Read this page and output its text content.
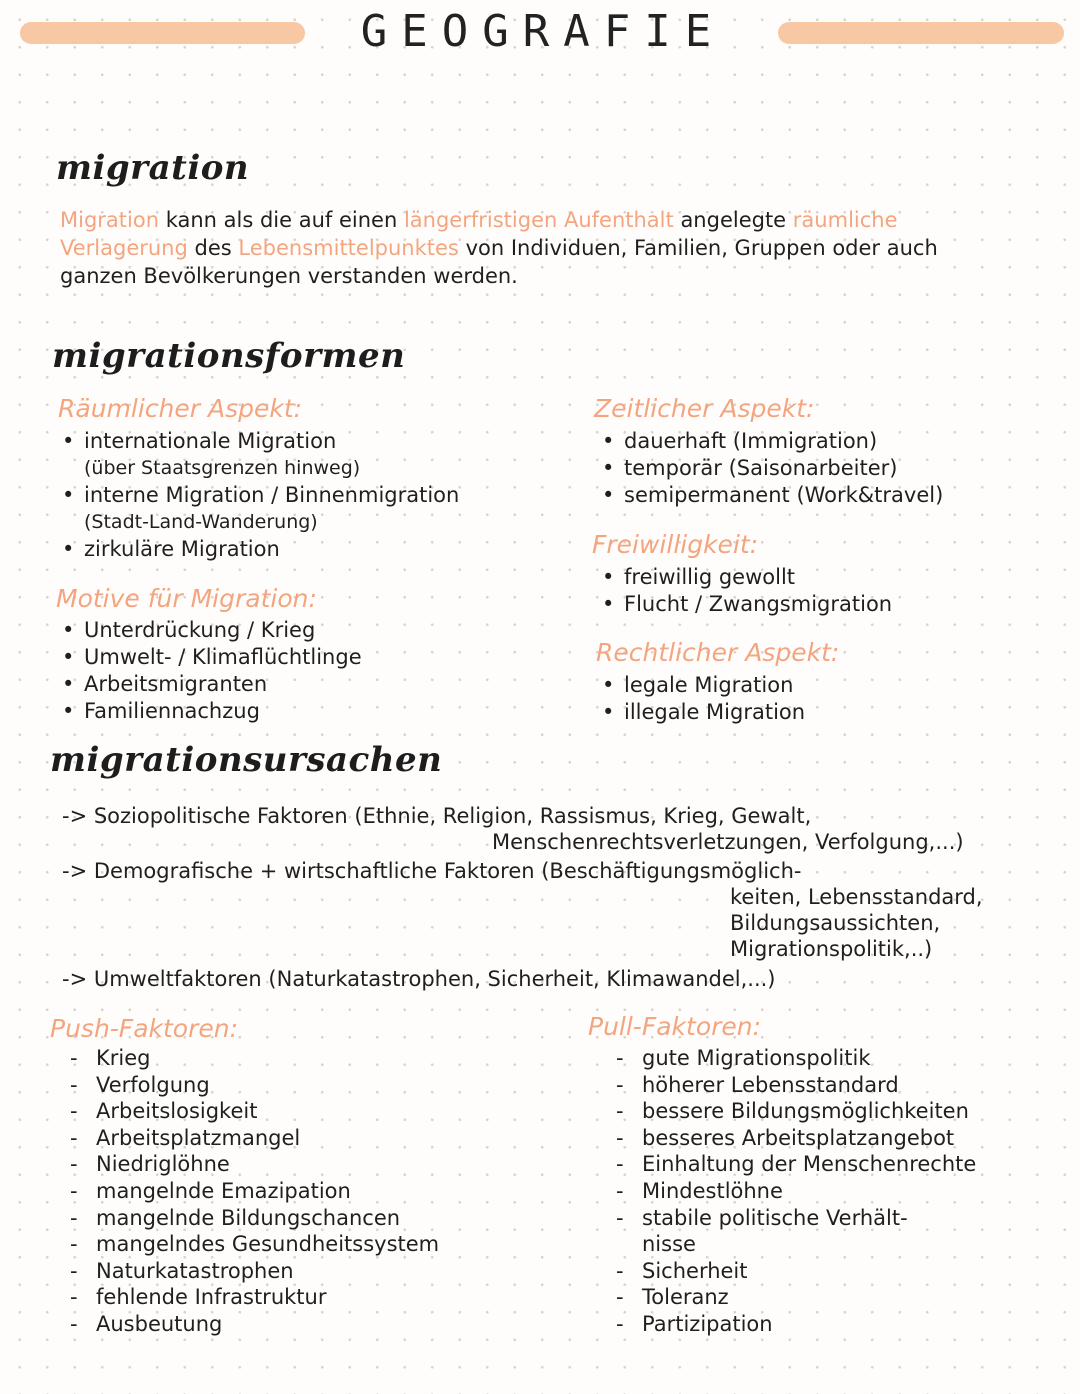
GEOGRAFIE
migration
Migration kann als die auf einen längerfristigen Aufenthalt angelegte räumliche Verlagerung des Lebensmittelpunktes von Individuen, Familien, Gruppen oder auch ganzen Bevölkerungen verstanden werden.
migrationsformen
Räumlicher Aspekt:
• internationale Migration
(über Staatsgrenzen hinweg)
• interne Migration / Binnenmigration
(Stadt-Land-Wanderung)
• zirkuläre Migration
Motive für Migration:
• Unterdrückung / Krieg
• Umwelt- / Klimaflüchtlinge
• Arbeitsmigranten
• Familiennachzug
Zeitlicher Aspekt:
• dauerhaft (Immigration)
• temporär (Saisonarbeiter)
• semipermanent (Work&travel)
Freiwilligkeit:
• freiwillig gewollt
• Flucht / Zwangsmigration
Rechtlicher Aspekt:
• legale Migration
• illegale Migration
migrationsursachen
-> Soziopolitische Faktoren (Ethnie, Religion, Rassismus, Krieg, Gewalt,
Menschenrechtsverletzungen, Verfolgung,...)
-> Demografische + wirtschaftliche Faktoren (Beschäftigungsmöglich-
keiten, Lebensstandard,
Bildungsaussichten,
Migrationspolitik,..)
-> Umweltfaktoren (Naturkatastrophen, Sicherheit, Klimawandel,...)
Push-Faktoren:
- Krieg
- Verfolgung
- Arbeitslosigkeit
- Arbeitsplatzmangel
- Niedriglöhne
- mangelnde Emazipation
- mangelnde Bildungschancen
- mangelndes Gesundheitssystem
- Naturkatastrophen
- fehlende Infrastruktur
- Ausbeutung
Pull-Faktoren:
- gute Migrationspolitik
- höherer Lebensstandard
- bessere Bildungsmöglichkeiten
- besseres Arbeitsplatzangebot
- Einhaltung der Menschenrechte
- Mindestlöhne
- stabile politische Verhält-
nisse
- Sicherheit
- Toleranz
- Partizipation
